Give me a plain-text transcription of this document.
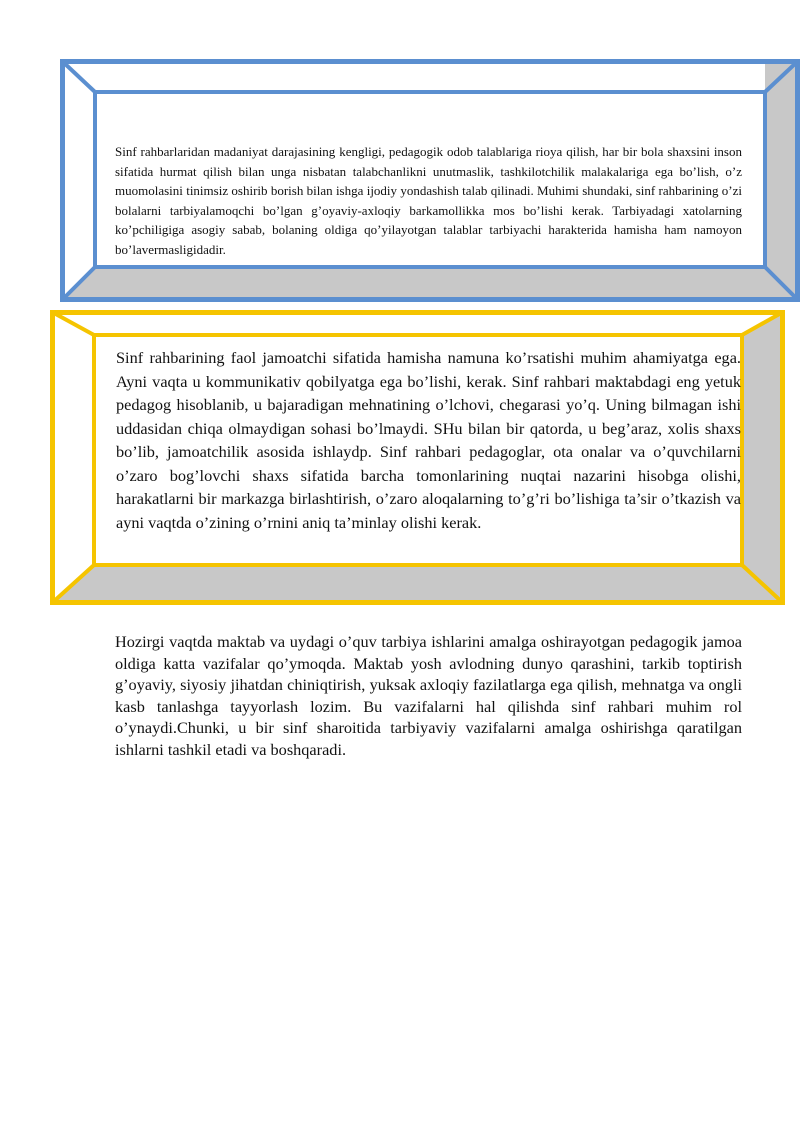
Sinf rahbarlaridan madaniyat darajasining kengligi, pedagogik odob talablariga rioya qilish, har bir bola shaxsini inson sifatida hurmat qilish bilan unga nisbatan talabchanlikni unutmaslik, tashkilotchilik malakalariga ega bo’lish, o’z muomolasini tinimsiz oshirib borish bilan ishga ijodiy yondashish talab qilinadi. Muhimi shundaki, sinf rahbarining o’zi bolalarni tarbiyalamoqchi bo’lgan g’oyaviy-axloqiy barkamollikka mos bo’lishi kerak. Tarbiyadagi xatolarning ko’pchiligiga asogiy sabab, bolaning oldiga qo’yilayotgan talablar tarbiyachi harakterida hamisha ham namoyon bo’lavermasligidadir.

Sinf rahbarining faol jamoatchi sifatida hamisha namuna ko’rsatishi muhim ahamiyatga ega. Ayni vaqta u kommunikativ qobilyatga ega bo’lishi, kerak. Sinf rahbari maktabdagi eng yetuk pedagog hisoblanib, u bajaradigan mehnatining o’lchovi, chegarasi yo’q. Uning bilmagan ishi uddasidan chiqa olmaydigan sohasi bo’lmaydi. SHu bilan bir qatorda, u beg’araz, xolis shaxs bo’lib, jamoatchilik asosida ishlaydp. Sinf rahbari pedagoglar, ota onalar va o’quvchilarni o’zaro bog’lovchi shaxs sifatida barcha tomonlarining nuqtai nazarini hisobga olishi, harakatlarni bir markazga birlashtirish, o’zaro aloqalarning to’g’ri bo’lishiga ta’sir o’tkazish va ayni vaqtda o’zining o’rnini aniq ta’minlay olishi kerak.

Hozirgi vaqtda maktab va uydagi o’quv tarbiya ishlarini amalga oshirayotgan pedagogik jamoa oldiga katta vazifalar qo’ymoqda. Maktab yosh avlodning dunyo qarashini, tarkib toptirish g’oyaviy, siyosiy jihatdan chiniqtirish, yuksak axloqiy fazilatlarga ega qilish, mehnatga va ongli kasb tanlashga tayyorlash lozim. Bu vazifalarni hal qilishda sinf rahbari muhim rol o’ynaydi.Chunki, u bir sinf sharoitida tarbiyaviy vazifalarni amalga oshirishga qaratilgan ishlarni tashkil etadi va boshqaradi.
